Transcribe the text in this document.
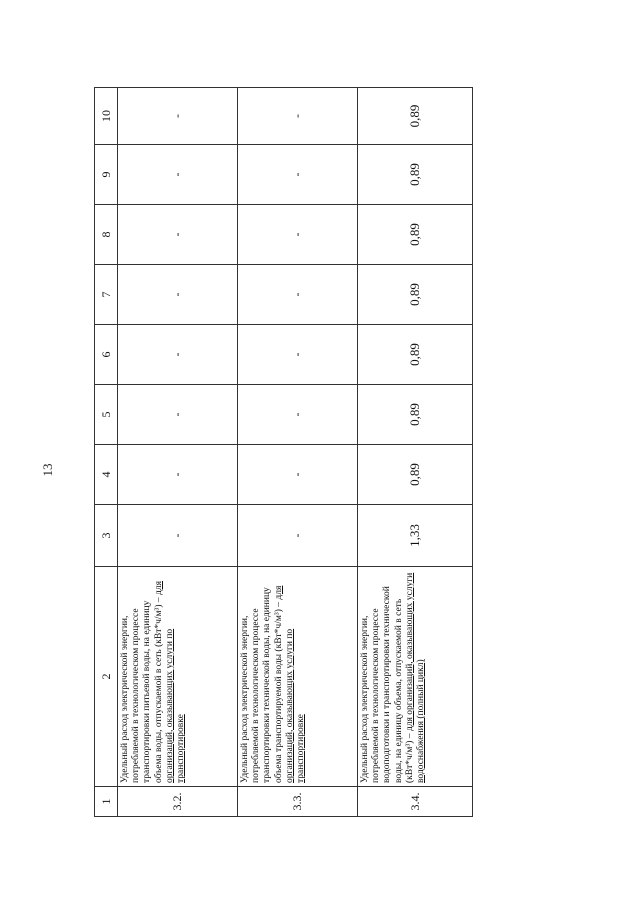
13
1	2	3	4	5	6	7	8	9	10
3.2.	Удельный расход электрической энергии, потребляемой в технологическом процессе транспортировки питьевой воды, на единицу объема воды, отпускаемой в сеть (кВт*ч/м³) – для организаций, оказывающих услуги по транспортировке	-	-	-	-	-	-	-	-
3.3.	Удельный расход электрической энергии, потребляемой в технологическом процессе транспортировки технической воды, на единицу объема транспортируемой воды (кВт*ч/м³) – для организаций, оказывающих услуги по транспортировке	-	-	-	-	-	-	-	-
3.4.	Удельный расход электрической энергии, потребляемой в технологическом процессе водоподготовки и транспортировки технической воды, на единицу объема, отпускаемой в сеть (кВт*ч/м³) – для организаций, оказывающих услуги водоснабжения (полный цикл)	1,33	0,89	0,89	0,89	0,89	0,89	0,89	0,89
